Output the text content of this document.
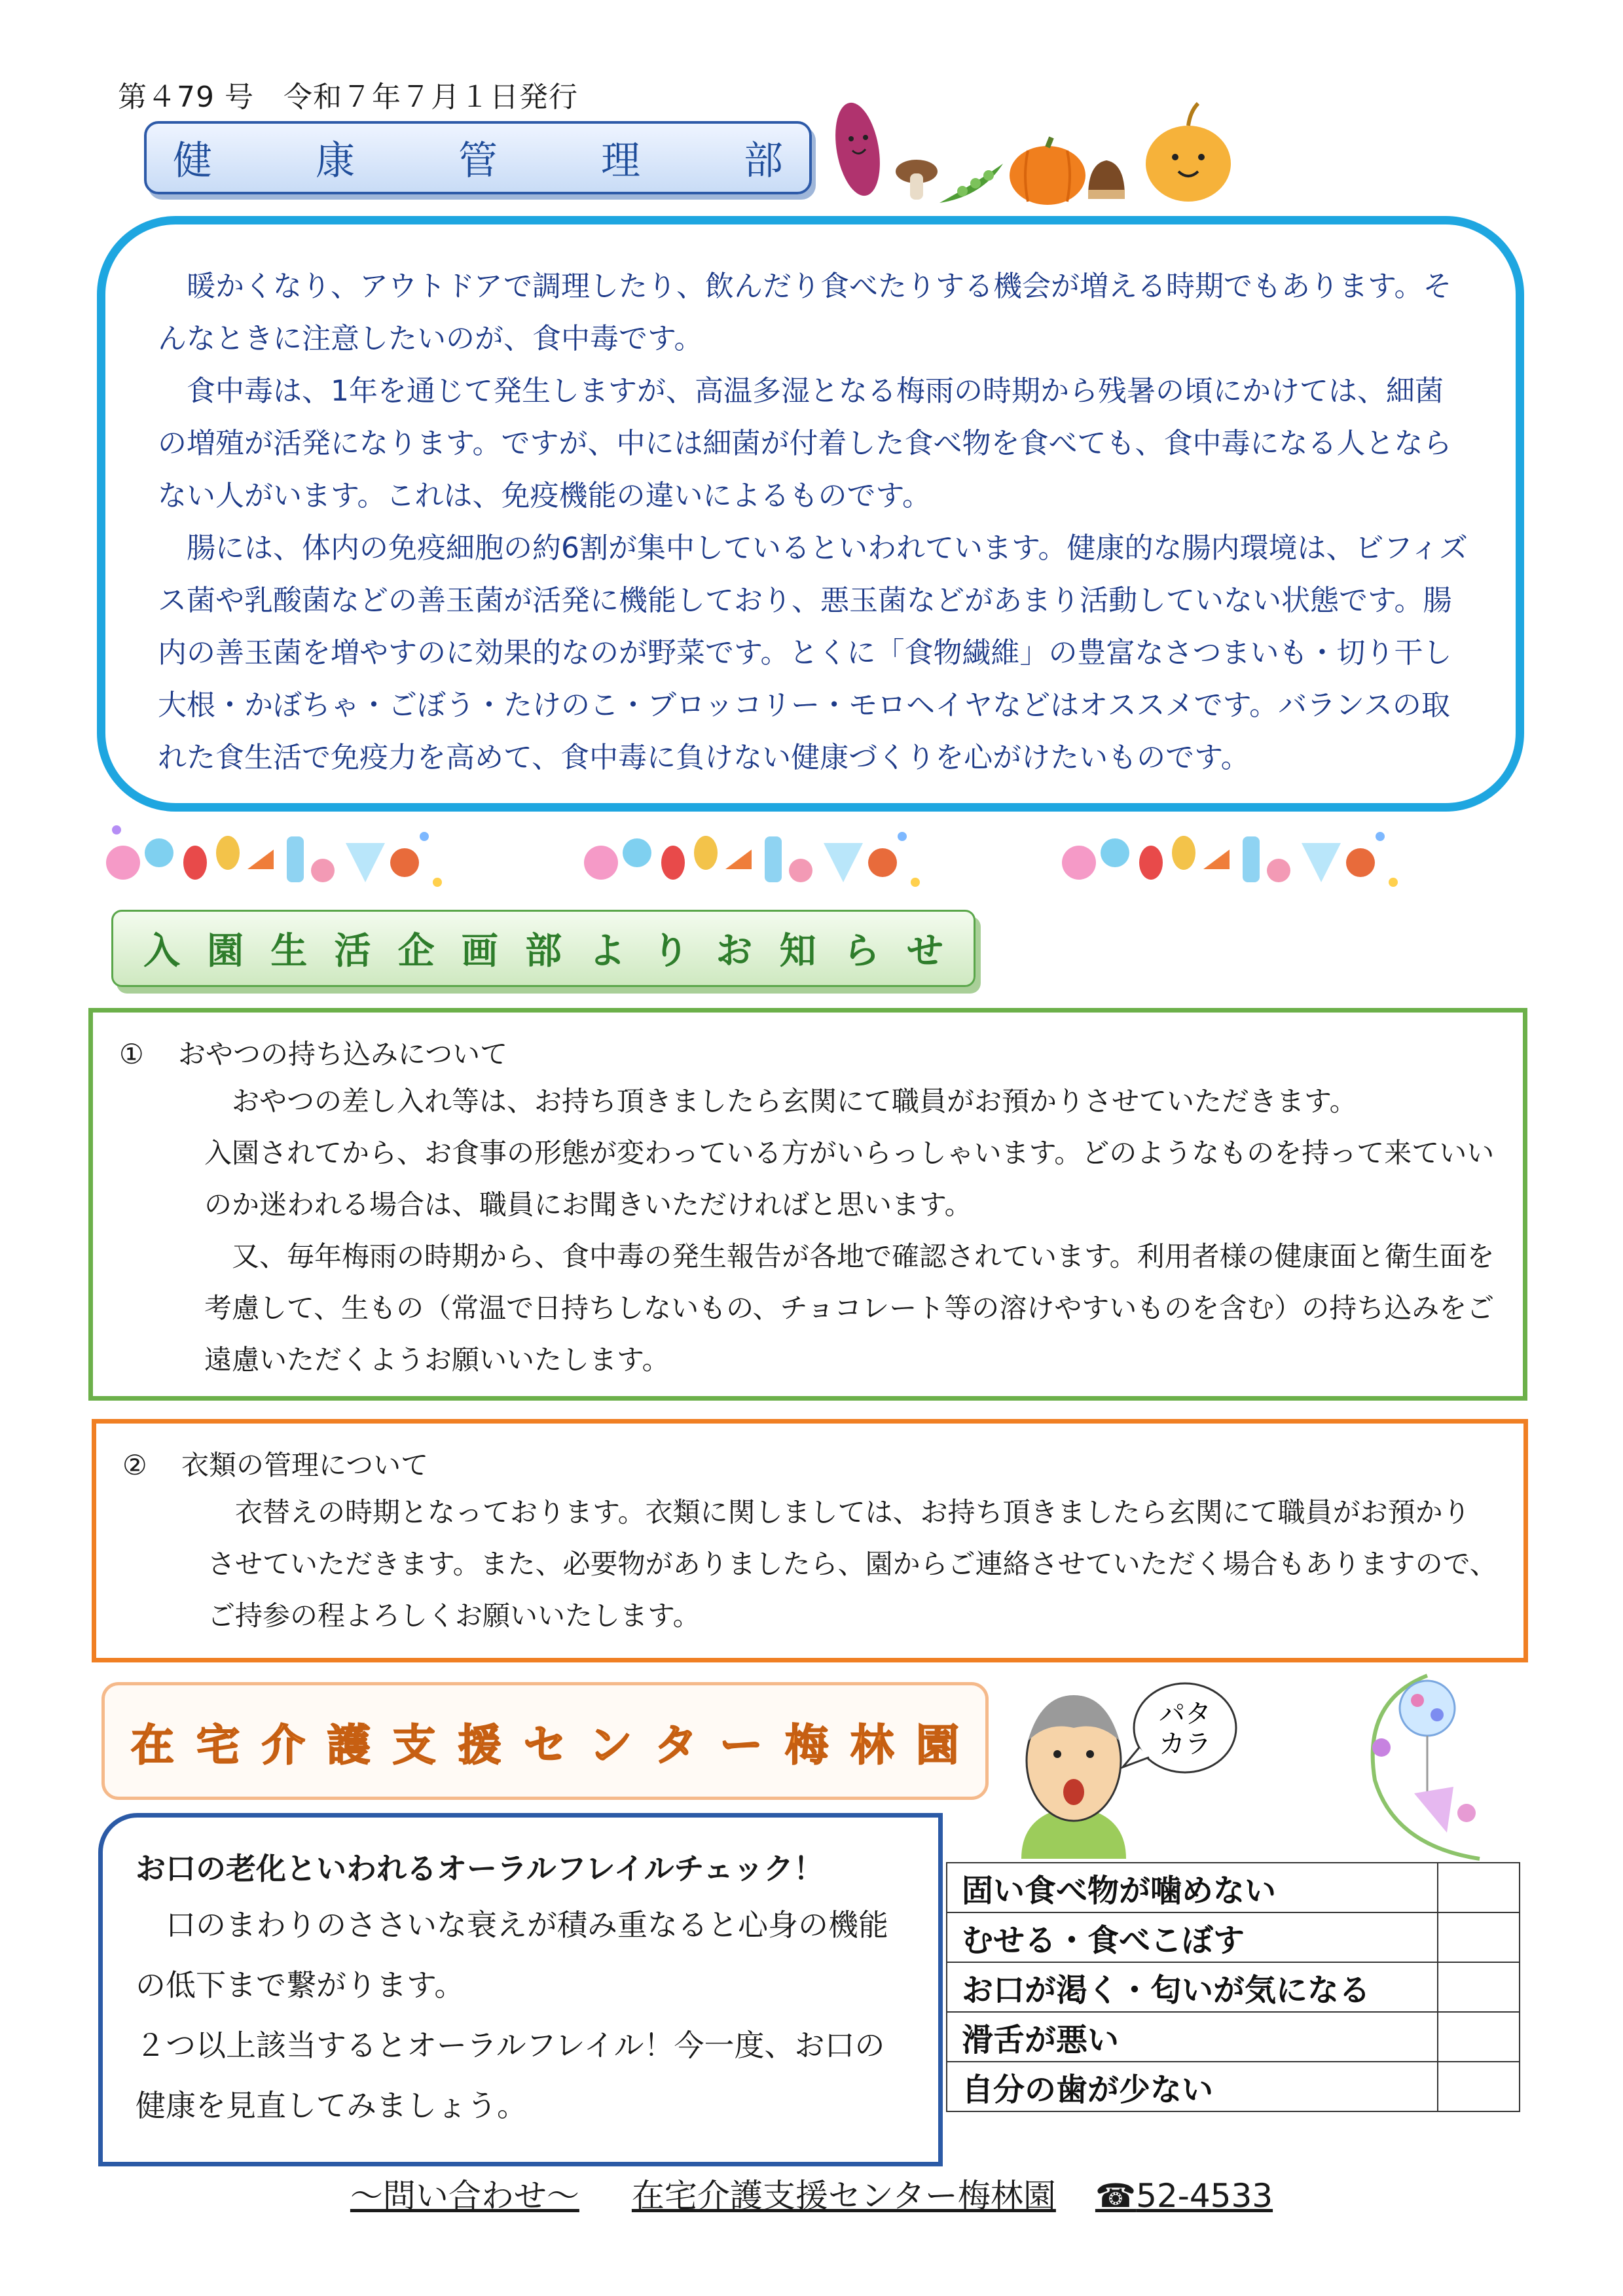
第４79 号　令和７年７月１日発行
健	康	管	理	部

暖かくなり、アウトドアで調理したり、飲んだり食べたりする機会が増える時期でもあります。そんなときに注意したいのが、食中毒です。

食中毒は、1年を通じて発生しますが、高温多湿となる梅雨の時期から残暑の頃にかけては、細菌の増殖が活発になります。ですが、中には細菌が付着した食べ物を食べても、食中毒になる人とならない人がいます。これは、免疫機能の違いによるものです。

腸には、体内の免疫細胞の約6割が集中しているといわれています。健康的な腸内環境は、ビフィズス菌や乳酸菌などの善玉菌が活発に機能しており、悪玉菌などがあまり活動していない状態です。腸内の善玉菌を増やすのに効果的なのが野菜です。とくに「食物繊維」の豊富なさつまいも・切り干し大根・かぼちゃ・ごぼう・たけのこ・ブロッコリー・モロヘイヤなどはオススメです。バランスの取れた食生活で免疫力を高めて、食中毒に負けない健康づくりを心がけたいものです。

入 園 生 活 企 画 部 よ り お 知 ら せ

① おやつの持ち込みについて

おやつの差し入れ等は、お持ち頂きましたら玄関にて職員がお預かりさせていただきます。

入園されてから、お食事の形態が変わっている方がいらっしゃいます。どのようなものを持って来ていいのか迷われる場合は、職員にお聞きいただければと思います。

又、毎年梅雨の時期から、食中毒の発生報告が各地で確認されています。利用者様の健康面と衛生面を考慮して、生もの（常温で日持ちしないもの、チョコレート等の溶けやすいものを含む）の持ち込みをご遠慮いただくようお願いいたします。

② 衣類の管理について

衣替えの時期となっております。衣類に関しましては、お持ち頂きましたら玄関にて職員がお預かりさせていただきます。また、必要物がありましたら、園からご連絡させていただく場合もありますので、ご持参の程よろしくお願いいたします。

在 宅 介 護 支 援 セ ン タ ー 梅 林 園
パタ
カラ

お口の老化といわれるオーラルフレイルチェック！

口のまわりのささいな衰えが積み重なると心身の機能の低下まで繋がります。

２つ以上該当するとオーラルフレイル！今一度、お口の健康を見直してみましょう。

固い食べ物が噛めない	
むせる・食べこぼす	
お口が渇く・匂いが気になる	
滑舌が悪い	
自分の歯が少ない	
～問い合わせ～ 在宅介護支援センター梅林園 ☎52-4533
